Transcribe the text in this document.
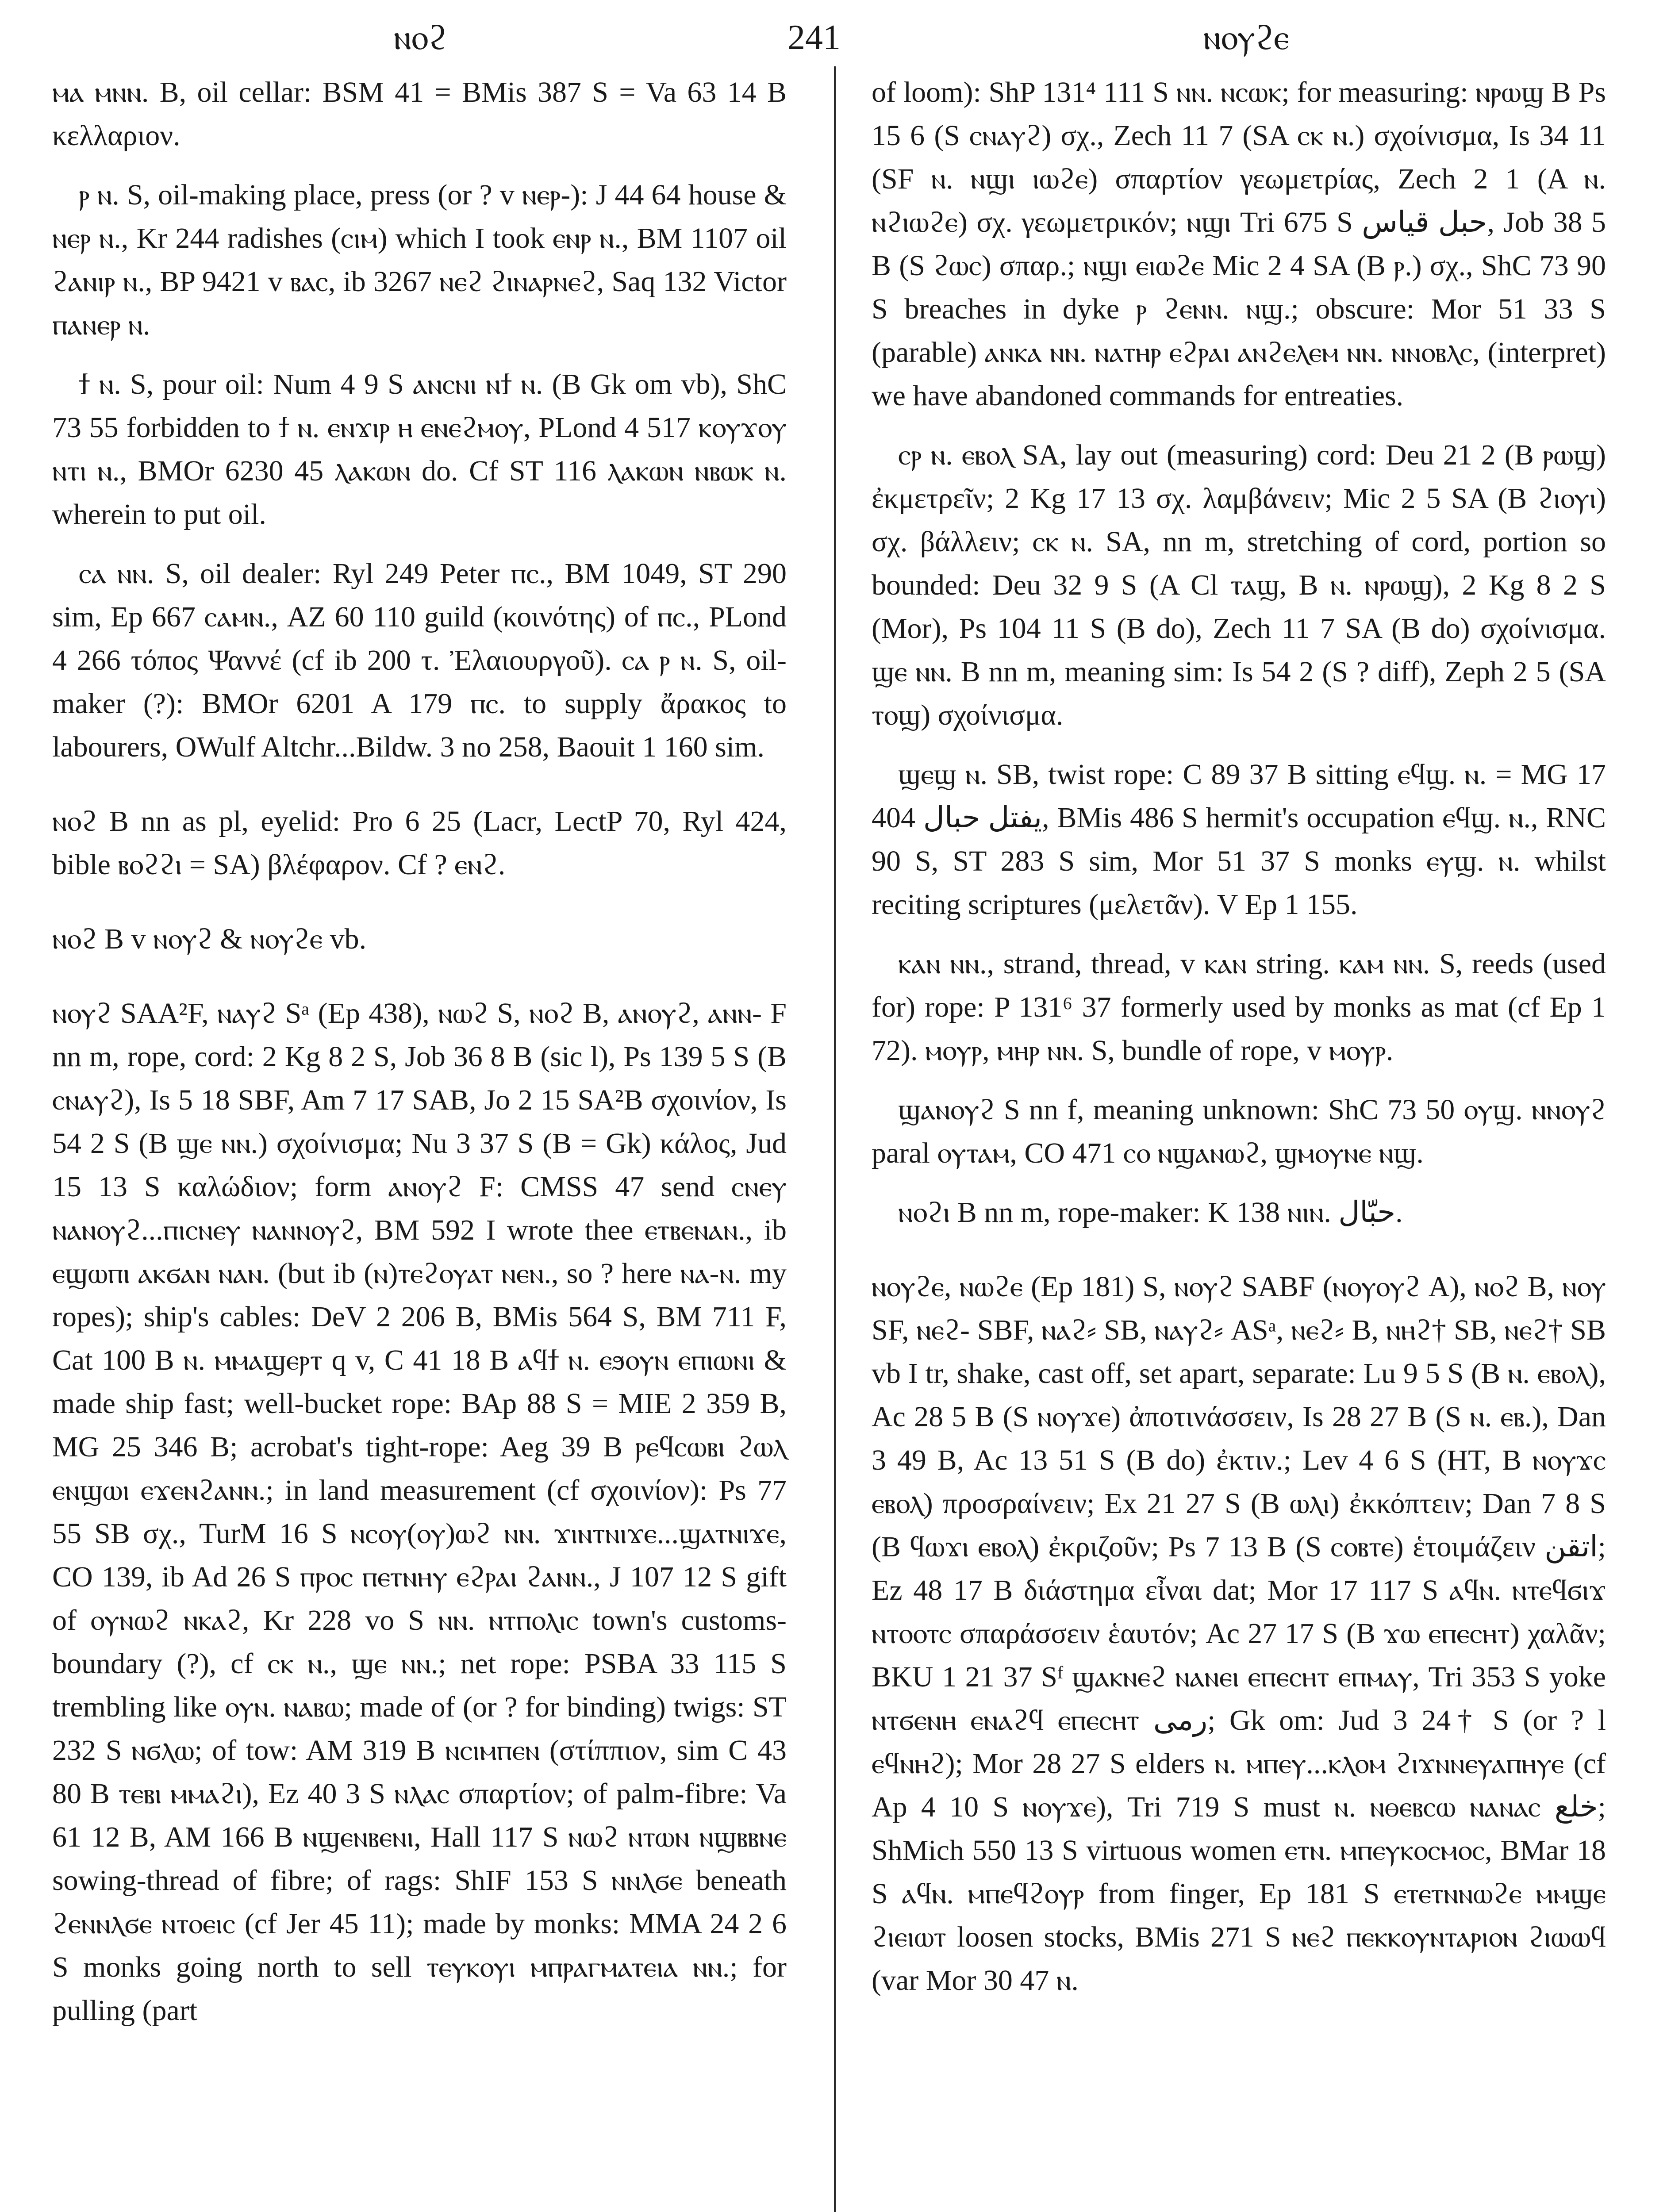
ⲛⲟϩ	241	ⲛⲟⲩϩⲉ

ⲙⲁ ⲙⲛⲛ. B, oil cellar: BSM 41 = BMis 387 S = Va 63 14 B κελλαριον.

ⲣ ⲛ. S, oil-making place, press (or ? v ⲛⲉⲣ-): J 44 64 house & ⲛⲉⲣ ⲛ., Kr 244 radishes (ⲥⲓⲙ) which I took ⲉⲛⲣ ⲛ., BM 1107 oil ϩⲁⲛⲓⲣ ⲛ., BP 9421 v ⲃⲁⲥ, ib 3267 ⲛⲉϩ ϩⲓⲛⲁⲣⲛⲉϩ, Saq 132 Victor ⲡⲁⲛⲉⲣ ⲛ.

ϯ ⲛ. S, pour oil: Num 4 9 S ⲁⲛⲥⲛⲓ ⲛϯ ⲛ. (B Gk om vb), ShC 73 55 forbidden to ϯ ⲛ. ⲉⲛϫⲓⲣ ⲏ ⲉⲛⲉϩⲙⲟⲩ, PLond 4 517 ⲕⲟⲩϫⲟⲩ ⲛⲧⲓ ⲛ., BMOr 6230 45 ⲗⲁⲕⲱⲛ do. Cf ST 116 ⲗⲁⲕⲱⲛ ⲛⲃⲱⲕ ⲛ. wherein to put oil.

ⲥⲁ ⲛⲛ. S, oil dealer: Ryl 249 Peter ⲡⲥ., BM 1049, ST 290 sim, Ep 667 ⲥⲁⲙⲛ., AZ 60 110 guild (κοινότης) of ⲡⲥ., PLond 4 266 τόπος Ψαννέ (cf ib 200 τ. Ἐλαιουργοῦ). ⲥⲁ ⲣ ⲛ. S, oil-maker (?): BMOr 6201 A 179 ⲡⲥ. to supply ἄρακος to labourers, OWulf Altchr...Bildw. 3 no 258, Baouit 1 160 sim.

ⲛⲟϩ B nn as pl, eyelid: Pro 6 25 (Lacr, LectP 70, Ryl 424, bible ⲃⲟϩϩⲓ = SA) βλέφαρον. Cf ? ⲉⲛϩ.

ⲛⲟϩ B v ⲛⲟⲩϩ & ⲛⲟⲩϩⲉ vb.

ⲛⲟⲩϩ SAA²F, ⲛⲁⲩϩ Sᵃ (Ep 438), ⲛⲱϩ S, ⲛⲟϩ B, ⲁⲛⲟⲩϩ, ⲁⲛⲛ- F nn m, rope, cord: 2 Kg 8 2 S, Job 36 8 B (sic l), Ps 139 5 S (B ⲥⲛⲁⲩϩ), Is 5 18 SBF, Am 7 17 SAB, Jo 2 15 SA²B σχοινίον, Is 54 2 S (B ϣⲉ ⲛⲛ.) σχοίνισμα; Nu 3 37 S (B = Gk) κάλος, Jud 15 13 S καλώδιον; form ⲁⲛⲟⲩϩ F: CMSS 47 send ⲥⲛⲉⲩ ⲛⲁⲛⲟⲩϩ...ⲡⲓⲥⲛⲉⲩ ⲛⲁⲛⲛⲟⲩϩ, BM 592 I wrote thee ⲉⲧⲃⲉⲛⲁⲛ., ib ⲉϣⲱⲡⲓ ⲁⲕϭⲁⲛ ⲛⲁⲛ. (but ib (ⲛ)ⲧⲉϩⲟⲩⲁⲧ ⲛⲉⲛ., so ? here ⲛⲁ-ⲛ. my ropes); ship's cables: DeV 2 206 B, BMis 564 S, BM 711 F, Cat 100 B ⲛ. ⲙⲙⲁϣⲉⲣⲧ q v, C 41 18 B ⲁϥϯ ⲛ. ⲉϧⲟⲩⲛ ⲉⲡⲓⲱⲛⲓ & made ship fast; well-bucket rope: BAp 88 S = MIE 2 359 B, MG 25 346 B; acrobat's tight-rope: Aeg 39 B ⲣⲉϥⲥⲱⲃⲓ ϩⲱⲗ ⲉⲛϣⲱⲓ ⲉϫⲉⲛϩⲁⲛⲛ.; in land measurement (cf σχοινίον): Ps 77 55 SB σχ., TurM 16 S ⲛⲥⲟⲩ(ⲟⲩ)ⲱϩ ⲛⲛ. ϫⲓⲛⲧⲛⲓϫⲉ...ϣⲁⲧⲛⲓϫⲉ, CO 139, ib Ad 26 S ⲡⲣⲟⲥ ⲡⲉⲧⲛⲏⲩ ⲉϩⲣⲁⲓ ϩⲁⲛⲛ., J 107 12 S gift of ⲟⲩⲛⲱϩ ⲛⲕⲁϩ, Kr 228 vo S ⲛⲛ. ⲛⲧⲡⲟⲗⲓⲥ town's customs-boundary (?), cf ⲥⲕ ⲛ., ϣⲉ ⲛⲛ.; net rope: PSBA 33 115 S trembling like ⲟⲩⲛ. ⲛⲁⲃⲱ; made of (or ? for binding) twigs: ST 232 S ⲛϭⲗⲱ; of tow: AM 319 B ⲛⲥⲓⲙⲡⲉⲛ (στίππιον, sim C 43 80 B ⲧⲉⲃⲓ ⲙⲙⲁϩⲓ), Ez 40 3 S ⲛⲗⲁⲥ σπαρτίον; of palm-fibre: Va 61 12 B, AM 166 B ⲛϣⲉⲛⲃⲉⲛⲓ, Hall 117 S ⲛⲱϩ ⲛⲧⲱⲛ ⲛϣⲃⲃⲛⲉ sowing-thread of fibre; of rags: ShIF 153 S ⲛⲛⲗϭⲉ beneath ϩⲉⲛⲛⲗϭⲉ ⲛⲧⲟⲉⲓⲥ (cf Jer 45 11); made by monks: MMA 24 2 6 S monks going north to sell ⲧⲉⲩⲕⲟⲩⲓ ⲙⲡⲣⲁⲅⲙⲁⲧⲉⲓⲁ ⲛⲛ.; for pulling (part

of loom): ShP 131⁴ 111 S ⲛⲛ. ⲛⲥⲱⲕ; for measuring: ⲛⲣⲱϣ B Ps 15 6 (S ⲥⲛⲁⲩϩ) σχ., Zech 11 7 (SA ⲥⲕ ⲛ.) σχοίνισμα, Is 34 11 (SF ⲛ. ⲛϣⲓ ⲓⲱϩⲉ) σπαρτίον γεωμετρίας, Zech 2 1 (A ⲛ. ⲛϩⲓⲱϩⲉ) σχ. γεωμετρικόν; ⲛϣⲓ Tri 675 S حبل قياس, Job 38 5 B (S ϩⲱⲥ) σπαρ.; ⲛϣⲓ ⲉⲓⲱϩⲉ Mic 2 4 SA (B ⲣ.) σχ., ShC 73 90 S breaches in dyke ⲣ ϩⲉⲛⲛ. ⲛϣ.; obscure: Mor 51 33 S (parable) ⲁⲛⲕⲁ ⲛⲛ. ⲛⲁⲧⲏⲣ ⲉϩⲣⲁⲓ ⲁⲛϩⲉⲗⲉⲙ ⲛⲛ. ⲛⲛⲟⲃⲗⲥ, (interpret) we have abandoned commands for entreaties.

ⲥⲣ ⲛ. ⲉⲃⲟⲗ SA, lay out (measuring) cord: Deu 21 2 (B ⲣⲱϣ) ἐκμετρεῖν; 2 Kg 17 13 σχ. λαμβάνειν; Mic 2 5 SA (B ϩⲓⲟⲩⲓ) σχ. βάλλειν; ⲥⲕ ⲛ. SA, nn m, stretching of cord, portion so bounded: Deu 32 9 S (A Cl ⲧⲁϣ, B ⲛ. ⲛⲣⲱϣ), 2 Kg 8 2 S (Mor), Ps 104 11 S (B do), Zech 11 7 SA (B do) σχοίνισμα. ϣⲉ ⲛⲛ. B nn m, meaning sim: Is 54 2 (S ? diff), Zeph 2 5 (SA ⲧⲟϣ) σχοίνισμα.

ϣⲉϣ ⲛ. SB, twist rope: C 89 37 B sitting ⲉϥϣ. ⲛ. = MG 17 404 يفتل حبال, BMis 486 S hermit's occupation ⲉϥϣ. ⲛ., RNC 90 S, ST 283 S sim, Mor 51 37 S monks ⲉⲩϣ. ⲛ. whilst reciting scriptures (μελετᾶν). V Ep 1 155.

ⲕⲁⲛ ⲛⲛ., strand, thread, v ⲕⲁⲛ string. ⲕⲁⲙ ⲛⲛ. S, reeds (used for) rope: P 131⁶ 37 formerly used by monks as mat (cf Ep 1 72). ⲙⲟⲩⲣ, ⲙⲏⲣ ⲛⲛ. S, bundle of rope, v ⲙⲟⲩⲣ.

ϣⲁⲛⲟⲩϩ S nn f, meaning unknown: ShC 73 50 ⲟⲩϣ. ⲛⲛⲟⲩϩ paral ⲟⲩⲧⲁⲙ, CO 471 ⲥⲟ ⲛϣⲁⲛⲱϩ, ϣⲙⲟⲩⲛⲉ ⲛϣ.

ⲛⲟϩⲓ B nn m, rope-maker: K 138 ⲛⲓⲛ. حبّال.

ⲛⲟⲩϩⲉ, ⲛⲱϩⲉ (Ep 181) S, ⲛⲟⲩϩ SABF (ⲛⲟⲩⲟⲩϩ A), ⲛⲟϩ B, ⲛⲟⲩ SF, ⲛⲉϩ- SBF, ⲛⲁϩ⸗ SB, ⲛⲁⲩϩ⸗ ASᵃ, ⲛⲉϩ⸗ B, ⲛⲏϩ† SB, ⲛⲉϩ† SB vb I tr, shake, cast off, set apart, separate: Lu 9 5 S (B ⲛ. ⲉⲃⲟⲗ), Ac 28 5 B (S ⲛⲟⲩϫⲉ) ἀποτινάσσειν, Is 28 27 B (S ⲛ. ⲉⲃ.), Dan 3 49 B, Ac 13 51 S (B do) ἐκτιν.; Lev 4 6 S (HT, B ⲛⲟⲩϫⲥ ⲉⲃⲟⲗ) προσραίνειν; Ex 21 27 S (B ⲱⲗⲓ) ἐκκόπτειν; Dan 7 8 S (B ϥⲱϫⲓ ⲉⲃⲟⲗ) ἐκριζοῦν; Ps 7 13 B (S ⲥⲟⲃⲧⲉ) ἑτοιμάζειν اتقن; Ez 48 17 B διάστημα εἶναι dat; Mor 17 117 S ⲁϥⲛ. ⲛⲧⲉϥϭⲓϫ ⲛⲧⲟⲟⲧⲥ σπαράσσειν ἑαυτόν; Ac 27 17 S (B ϫⲱ ⲉⲡⲉⲥⲏⲧ) χαλᾶν; BKU 1 21 37 Sᶠ ϣⲁⲕⲛⲉϩ ⲛⲁⲛⲉⲓ ⲉⲡⲉⲥⲏⲧ ⲉⲡⲙⲁⲩ, Tri 353 S yoke ⲛⲧϭⲉⲛⲏ ⲉⲛⲁϩϥ ⲉⲡⲉⲥⲏⲧ رمى; Gk om: Jud 3 24† S (or ? l ⲉϥⲛⲏϩ); Mor 28 27 S elders ⲛ. ⲙⲡⲉⲩ...ⲕⲗⲟⲙ ϩⲓϫⲛⲛⲉⲩⲁⲡⲏⲩⲉ (cf Ap 4 10 S ⲛⲟⲩϫⲉ), Tri 719 S must ⲛ. ⲛⲑⲉⲃⲥⲱ ⲛⲁⲛⲁⲥ خلع; ShMich 550 13 S virtuous women ⲉⲧⲛ. ⲙⲡⲉⲩⲕⲟⲥⲙⲟⲥ, BMar 18 S ⲁϥⲛ. ⲙⲡⲉϥϩⲟⲩⲣ from finger, Ep 181 S ⲉⲧⲉⲧⲛⲛⲱϩⲉ ⲙⲙϣⲉ ϩⲓⲉⲓⲱⲧ loosen stocks, BMis 271 S ⲛⲉϩ ⲡⲉⲕⲕⲟⲩⲛⲧⲁⲣⲓⲟⲛ ϩⲓⲱⲱϥ (var Mor 30 47 ⲛ.
